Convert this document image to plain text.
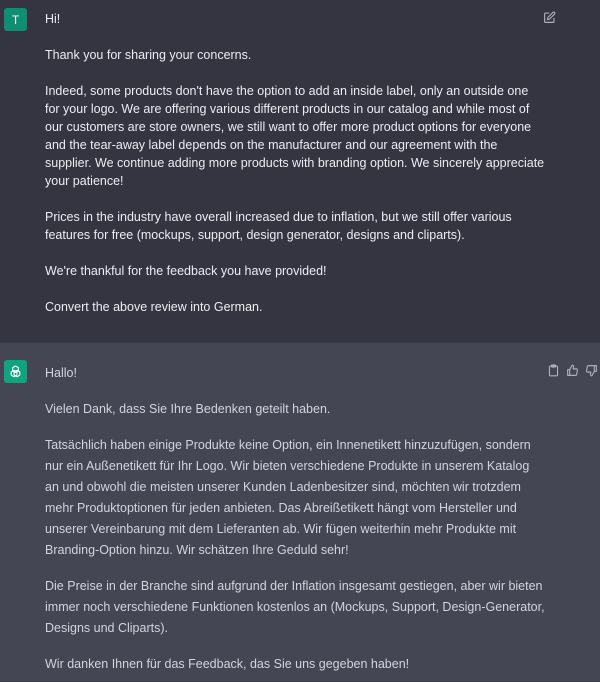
T Hi!

Thank you for sharing your concerns.

Indeed, some products don't have the option to add an inside label, only an outside one for your logo. We are offering various different products in our catalog and while most of our customers are store owners, we still want to offer more product options for everyone and the tear-away label depends on the manufacturer and our agreement with the supplier. We continue adding more products with branding option. We sincerely appreciate your patience!

Prices in the industry have overall increased due to inflation, but we still offer various features for free (mockups, support, design generator, designs and cliparts).

We're thankful for the feedback you have provided!

Convert the above review into German.

Hallo!

Vielen Dank, dass Sie Ihre Bedenken geteilt haben.

Tatsächlich haben einige Produkte keine Option, ein Innenetikett hinzuzufügen, sondern nur ein Außenetikett für Ihr Logo. Wir bieten verschiedene Produkte in unserem Katalog an und obwohl die meisten unserer Kunden Ladenbesitzer sind, möchten wir trotzdem mehr Produktoptionen für jeden anbieten. Das Abreißetikett hängt vom Hersteller und unserer Vereinbarung mit dem Lieferanten ab. Wir fügen weiterhin mehr Produkte mit Branding-Option hinzu. Wir schätzen Ihre Geduld sehr!

Die Preise in der Branche sind aufgrund der Inflation insgesamt gestiegen, aber wir bieten immer noch verschiedene Funktionen kostenlos an (Mockups, Support, Design-Generator, Designs und Cliparts).

Wir danken Ihnen für das Feedback, das Sie uns gegeben haben!
